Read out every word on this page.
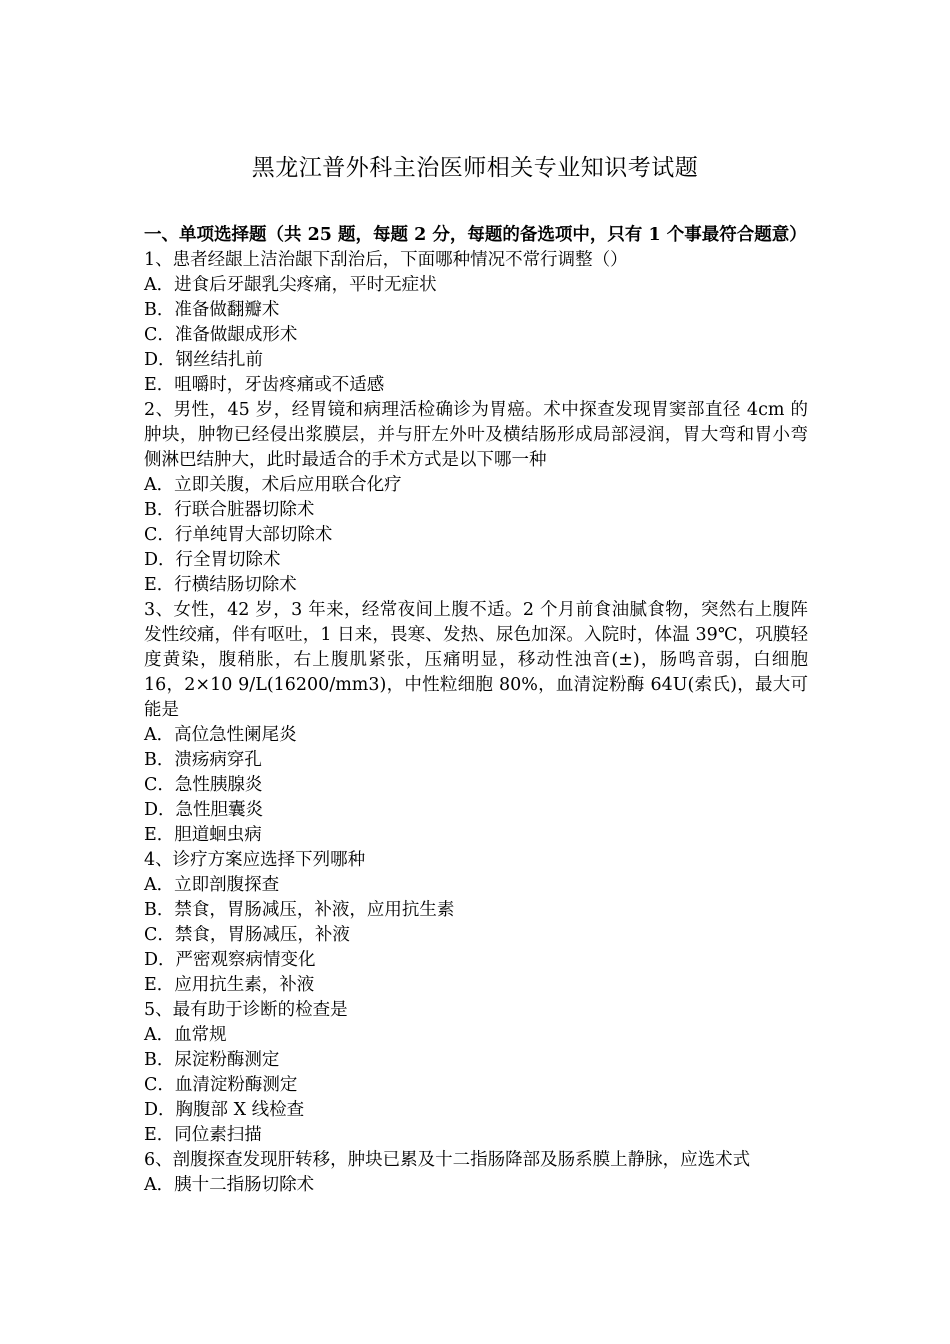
黑龙江普外科主治医师相关专业知识考试题

一、单项选择题（共 25 题，每题 2 分，每题的备选项中，只有 1 个事最符合题意）

1、患者经龈上洁治龈下刮治后，下面哪种情况不常行调整（）

A．进食后牙龈乳尖疼痛，平时无症状

B．准备做翻瓣术

C．准备做龈成形术

D．钢丝结扎前

E．咀嚼时，牙齿疼痛或不适感

2、男性，45 岁，经胃镜和病理活检确诊为胃癌。术中探查发现胃窦部直径 4cm 的肿块，肿物已经侵出浆膜层，并与肝左外叶及横结肠形成局部浸润，胃大弯和胃小弯侧淋巴结肿大，此时最适合的手术方式是以下哪一种

A．立即关腹，术后应用联合化疗

B．行联合脏器切除术

C．行单纯胃大部切除术

D．行全胃切除术

E．行横结肠切除术

3、女性，42 岁，3 年来，经常夜间上腹不适。2 个月前食油腻食物，突然右上腹阵发性绞痛，伴有呕吐，1 日来，畏寒、发热、尿色加深。入院时，体温 39℃，巩膜轻度黄染，腹稍胀，右上腹肌紧张，压痛明显，移动性浊音(±)，肠鸣音弱，白细胞 16，2×10 9/L(16200/mm3)，中性粒细胞 80%，血清淀粉酶 64U(索氏)，最大可能是

A．高位急性阑尾炎

B．溃疡病穿孔

C．急性胰腺炎

D．急性胆囊炎

E．胆道蛔虫病

4、诊疗方案应选择下列哪种

A．立即剖腹探查

B．禁食，胃肠减压，补液，应用抗生素

C．禁食，胃肠减压，补液

D．严密观察病情变化

E．应用抗生素，补液

5、最有助于诊断的检查是

A．血常规

B．尿淀粉酶测定

C．血清淀粉酶测定

D．胸腹部 X 线检查

E．同位素扫描

6、剖腹探查发现肝转移，肿块已累及十二指肠降部及肠系膜上静脉，应选术式

A．胰十二指肠切除术
